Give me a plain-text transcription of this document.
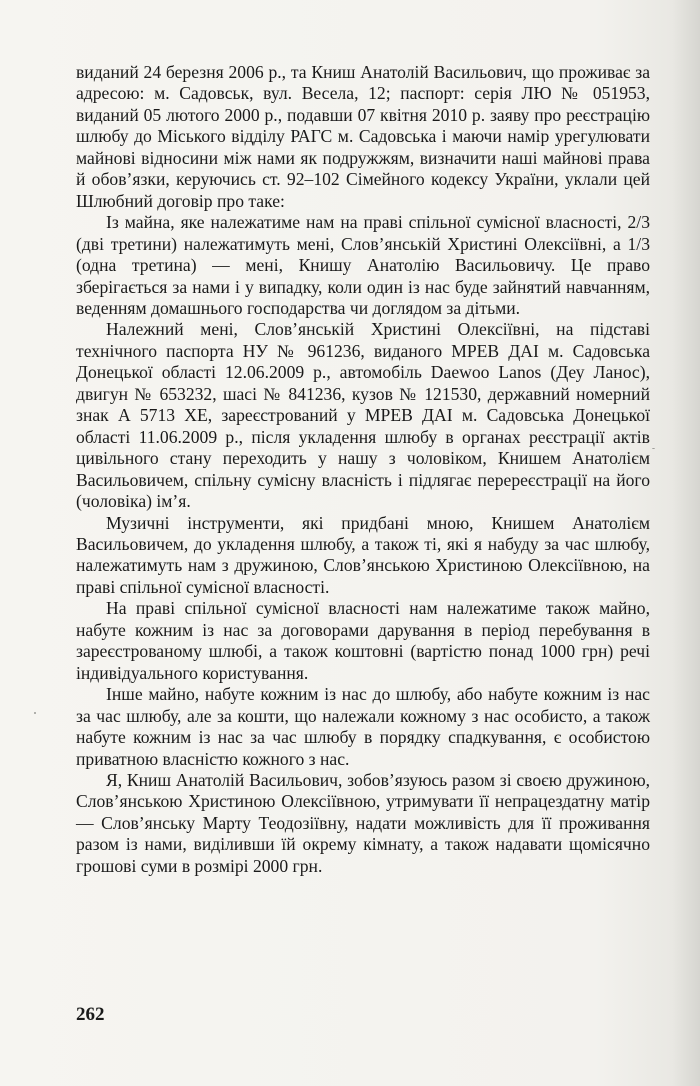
виданий 24 березня 2006 р., та Книш Анатолій Васильович, що проживає за адресою: м. Садовськ, вул. Весела, 12; паспорт: серія ЛЮ № 051953, виданий 05 лютого 2000 р., подавши 07 квітня 2010 р. заяву про реєстрацію шлюбу до Міського відділу РАГС м. Садовська і маючи намір урегулювати майнові відносини між нами як подружжям, визначити наші майнові права й обов’язки, керуючись ст. 92–102 Сімейного кодексу України, уклали цей Шлюбний договір про таке:

Із майна, яке належатиме нам на праві спільної сумісної власності, 2/3 (дві третини) належатимуть мені, Слов’янській Христині Олексіївні, а 1/3 (одна третина) — мені, Книшу Анатолію Васильовичу. Це право зберігається за нами і у випадку, коли один із нас буде зайнятий навчанням, веденням домашнього господарства чи доглядом за дітьми.

Належний мені, Слов’янській Христині Олексіївні, на підставі технічного паспорта НУ № 961236, виданого МРЕВ ДАІ м. Садовська Донецької області 12.06.2009 р., автомобіль Daewoo Lanos (Деу Ланос), двигун № 653232, шасі № 841236, кузов № 121530, державний номерний знак А 5713 ХЕ, зареєстрований у МРЕВ ДАІ м. Садовська Донецької області 11.06.2009 р., після укладення шлюбу в органах реєстрації актів цивільного стану переходить у нашу з чоловіком, Книшем Анатолієм Васильовичем, спільну сумісну власність і підлягає перереєстрації на його (чоловіка) ім’я.

Музичні інструменти, які придбані мною, Книшем Анатолієм Васильовичем, до укладення шлюбу, а також ті, які я набуду за час шлюбу, належатимуть нам з дружиною, Слов’янською Христиною Олексіївною, на праві спільної сумісної власності.

На праві спільної сумісної власності нам належатиме також майно, набуте кожним із нас за договорами дарування в період перебування в зареєстрованому шлюбі, а також коштовні (вартістю понад 1000 грн) речі індивідуального користування.

Інше майно, набуте кожним із нас до шлюбу, або набуте кожним із нас за час шлюбу, але за кошти, що належали кожному з нас особисто, а також набуте кожним із нас за час шлюбу в порядку спадкування, є особистою приватною власністю кожного з нас.

Я, Книш Анатолій Васильович, зобов’язуюсь разом зі своєю дружиною, Слов’янською Христиною Олексіївною, утримувати її непрацездатну матір — Слов’янську Марту Теодозіївну, надати можливість для її проживання разом із нами, виділивши їй окрему кімнату, а також надавати щомісячно грошові суми в розмірі 2000 грн.

262
